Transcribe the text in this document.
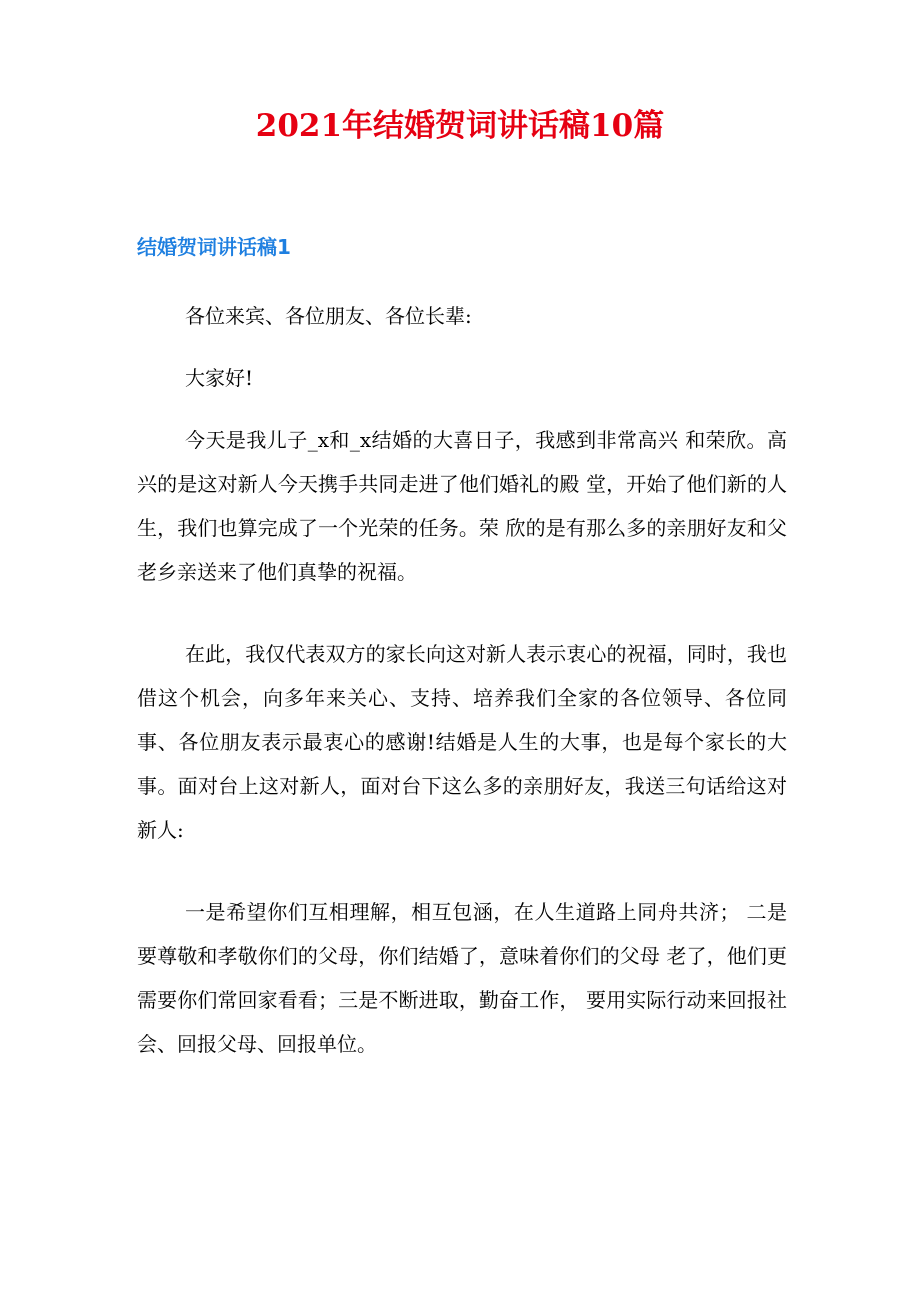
2021年结婚贺词讲话稿10篇
结婚贺词讲话稿1

各位来宾、各位朋友、各位长辈:

大家好!

今天是我儿子_x和_x结婚的大喜日子，我感到非常高兴 和荣欣。高兴的是这对新人今天携手共同走进了他们婚礼的殿 堂，开始了他们新的人生，我们也算完成了一个光荣的任务。荣 欣的是有那么多的亲朋好友和父老乡亲送来了他们真挚的祝福。

在此，我仅代表双方的家长向这对新人表示衷心的祝福，同时，我也借这个机会，向多年来关心、支持、培养我们全家的各位领导、各位同事、各位朋友表示最衷心的感谢!结婚是人生的大事，也是每个家长的大事。面对台上这对新人，面对台下这么多的亲朋好友，我送三句话给这对新人:

一是希望你们互相理解，相互包涵，在人生道路上同舟共济； 二是要尊敬和孝敬你们的父母，你们结婚了，意味着你们的父母 老了，他们更需要你们常回家看看；三是不断进取，勤奋工作， 要用实际行动来回报社会、回报父母、回报单位。
